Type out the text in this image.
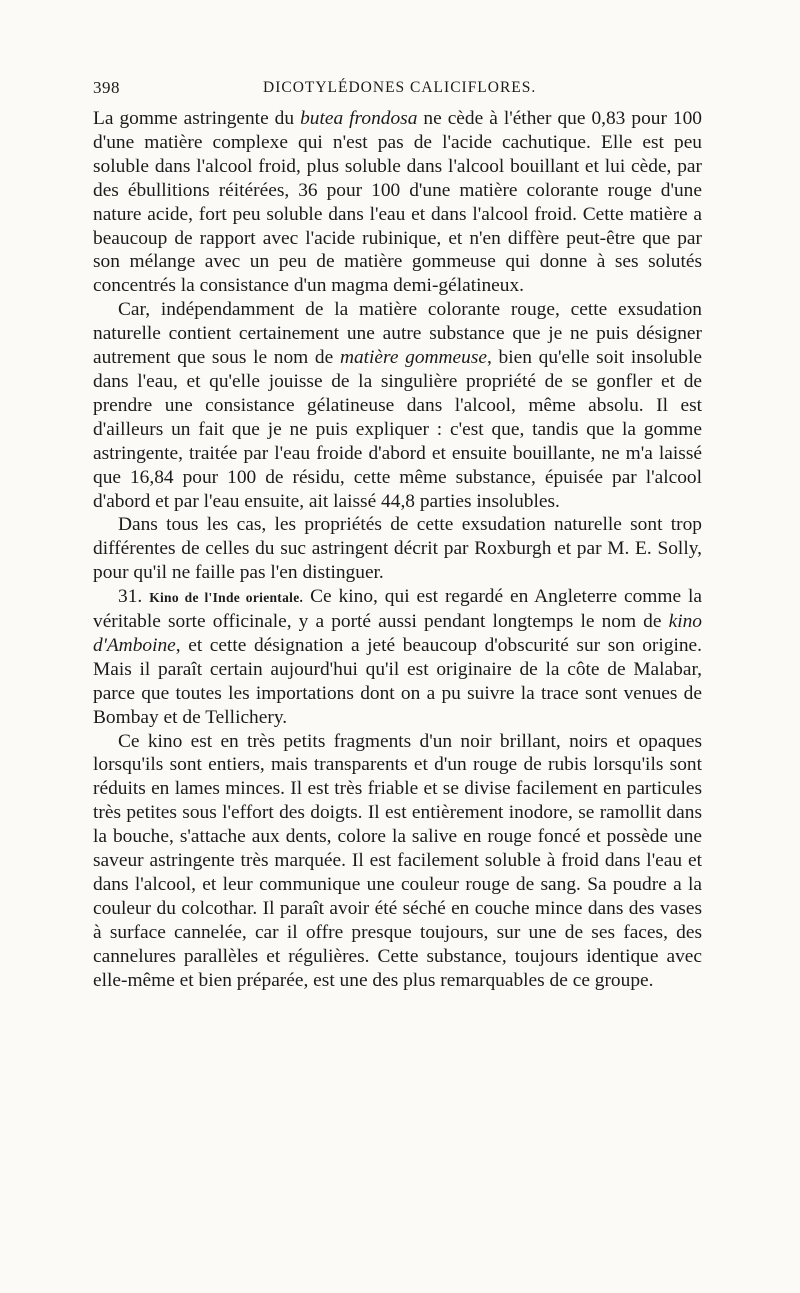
398	DICOTYLÉDONES CALICIFLORES.

La gomme astringente du butea frondosa ne cède à l'éther que 0,83 pour 100 d'une matière complexe qui n'est pas de l'acide cachutique. Elle est peu soluble dans l'alcool froid, plus soluble dans l'alcool bouillant et lui cède, par des ébullitions réitérées, 36 pour 100 d'une matière colorante rouge d'une nature acide, fort peu soluble dans l'eau et dans l'alcool froid. Cette matière a beaucoup de rapport avec l'acide rubinique, et n'en diffère peut-être que par son mélange avec un peu de matière gommeuse qui donne à ses solutés concentrés la consistance d'un magma demi-gélatineux.

Car, indépendamment de la matière colorante rouge, cette exsudation naturelle contient certainement une autre substance que je ne puis désigner autrement que sous le nom de matière gommeuse, bien qu'elle soit insoluble dans l'eau, et qu'elle jouisse de la singulière propriété de se gonfler et de prendre une consistance gélatineuse dans l'alcool, même absolu. Il est d'ailleurs un fait que je ne puis expliquer : c'est que, tandis que la gomme astringente, traitée par l'eau froide d'abord et ensuite bouillante, ne m'a laissé que 16,84 pour 100 de résidu, cette même substance, épuisée par l'alcool d'abord et par l'eau ensuite, ait laissé 44,8 parties insolubles.

Dans tous les cas, les propriétés de cette exsudation naturelle sont trop différentes de celles du suc astringent décrit par Roxburgh et par M. E. Solly, pour qu'il ne faille pas l'en distinguer.

31. Kino de l'Inde orientale. Ce kino, qui est regardé en Angleterre comme la véritable sorte officinale, y a porté aussi pendant longtemps le nom de kino d'Amboine, et cette désignation a jeté beaucoup d'obscurité sur son origine. Mais il paraît certain aujourd'hui qu'il est originaire de la côte de Malabar, parce que toutes les importations dont on a pu suivre la trace sont venues de Bombay et de Tellichery.

Ce kino est en très petits fragments d'un noir brillant, noirs et opaques lorsqu'ils sont entiers, mais transparents et d'un rouge de rubis lorsqu'ils sont réduits en lames minces. Il est très friable et se divise facilement en particules très petites sous l'effort des doigts. Il est entièrement inodore, se ramollit dans la bouche, s'attache aux dents, colore la salive en rouge foncé et possède une saveur astringente très marquée. Il est facilement soluble à froid dans l'eau et dans l'alcool, et leur communique une couleur rouge de sang. Sa poudre a la couleur du colcothar. Il paraît avoir été séché en couche mince dans des vases à surface cannelée, car il offre presque toujours, sur une de ses faces, des cannelures parallèles et régulières. Cette substance, toujours identique avec elle-même et bien préparée, est une des plus remarquables de ce groupe.
